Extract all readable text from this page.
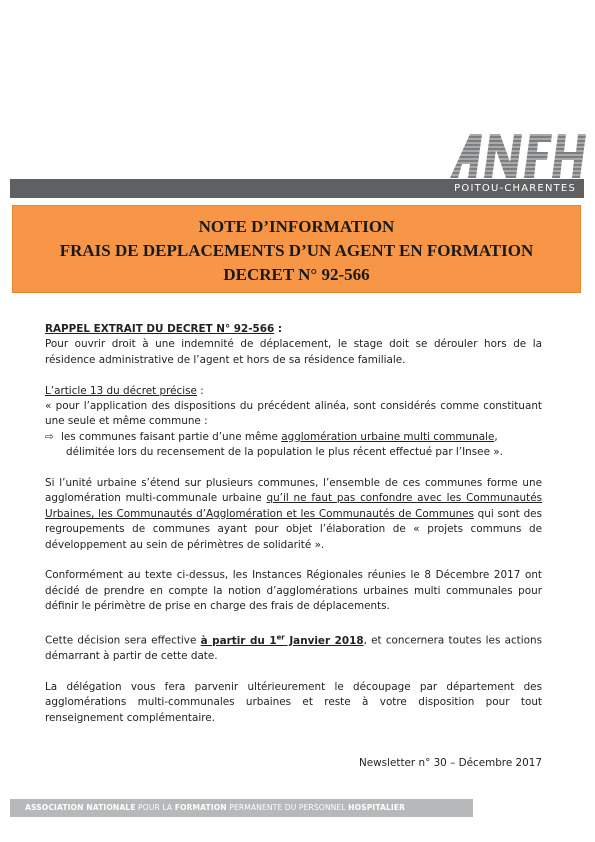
ANFH
POITOU-CHARENTES
NOTE D’INFORMATION
FRAIS DE DEPLACEMENTS D’UN AGENT EN FORMATION
DECRET N° 92-566
RAPPEL EXTRAIT DU DECRET N° 92-566 :

Pour ouvrir droit à une indemnité de déplacement, le stage doit se dérouler hors de la résidence administrative de l’agent et hors de sa résidence familiale.

L’article 13 du décret précise :
« pour l’application des dispositions du précédent alinéa, sont considérés comme constituant une seule et même commune :
⇨ les communes faisant partie d’une même agglomération urbaine multi communale,

délimitée lors du recensement de la population le plus récent effectué par l’Insee ».

Si l’unité urbaine s’étend sur plusieurs communes, l’ensemble de ces communes forme une agglomération multi-communale urbaine qu’il ne faut pas confondre avec les Communautés Urbaines, les Communautés d’Agglomération et les Communautés de Communes qui sont des regroupements de communes ayant pour objet l’élaboration de « projets communs de développement au sein de périmètres de solidarité ».

Conformément au texte ci-dessus, les Instances Régionales réunies le 8 Décembre 2017 ont décidé de prendre en compte la notion d’agglomérations urbaines multi communales pour définir le périmètre de prise en charge des frais de déplacements.

Cette décision sera effective à partir du 1er Janvier 2018, et concernera toutes les actions démarrant à partir de cette date.

La délégation vous fera parvenir ultérieurement le découpage par département des agglomérations multi-communales urbaines et reste à votre disposition pour tout renseignement complémentaire.

Newsletter n° 30 – Décembre 2017
ASSOCIATION NATIONALE POUR LA FORMATION PERMANENTE DU PERSONNEL HOSPITALIER
